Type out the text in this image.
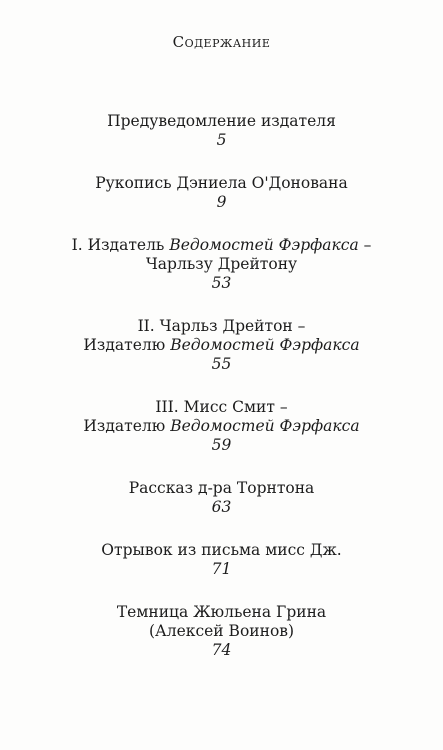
Содержание
Предуведомление издателя
5
Рукопись Дэниела О'Донована
9
I. Издатель Ведомостей Фэрфакса –
Чарльзу Дрейтону
53
II. Чарльз Дрейтон –
Издателю Ведомостей Фэрфакса
55
III. Мисс Смит –
Издателю Ведомостей Фэрфакса
59
Рассказ д-ра Торнтона
63
Отрывок из письма мисс Дж.
71
Темница Жюльена Грина
(Алексей Воинов)
74
